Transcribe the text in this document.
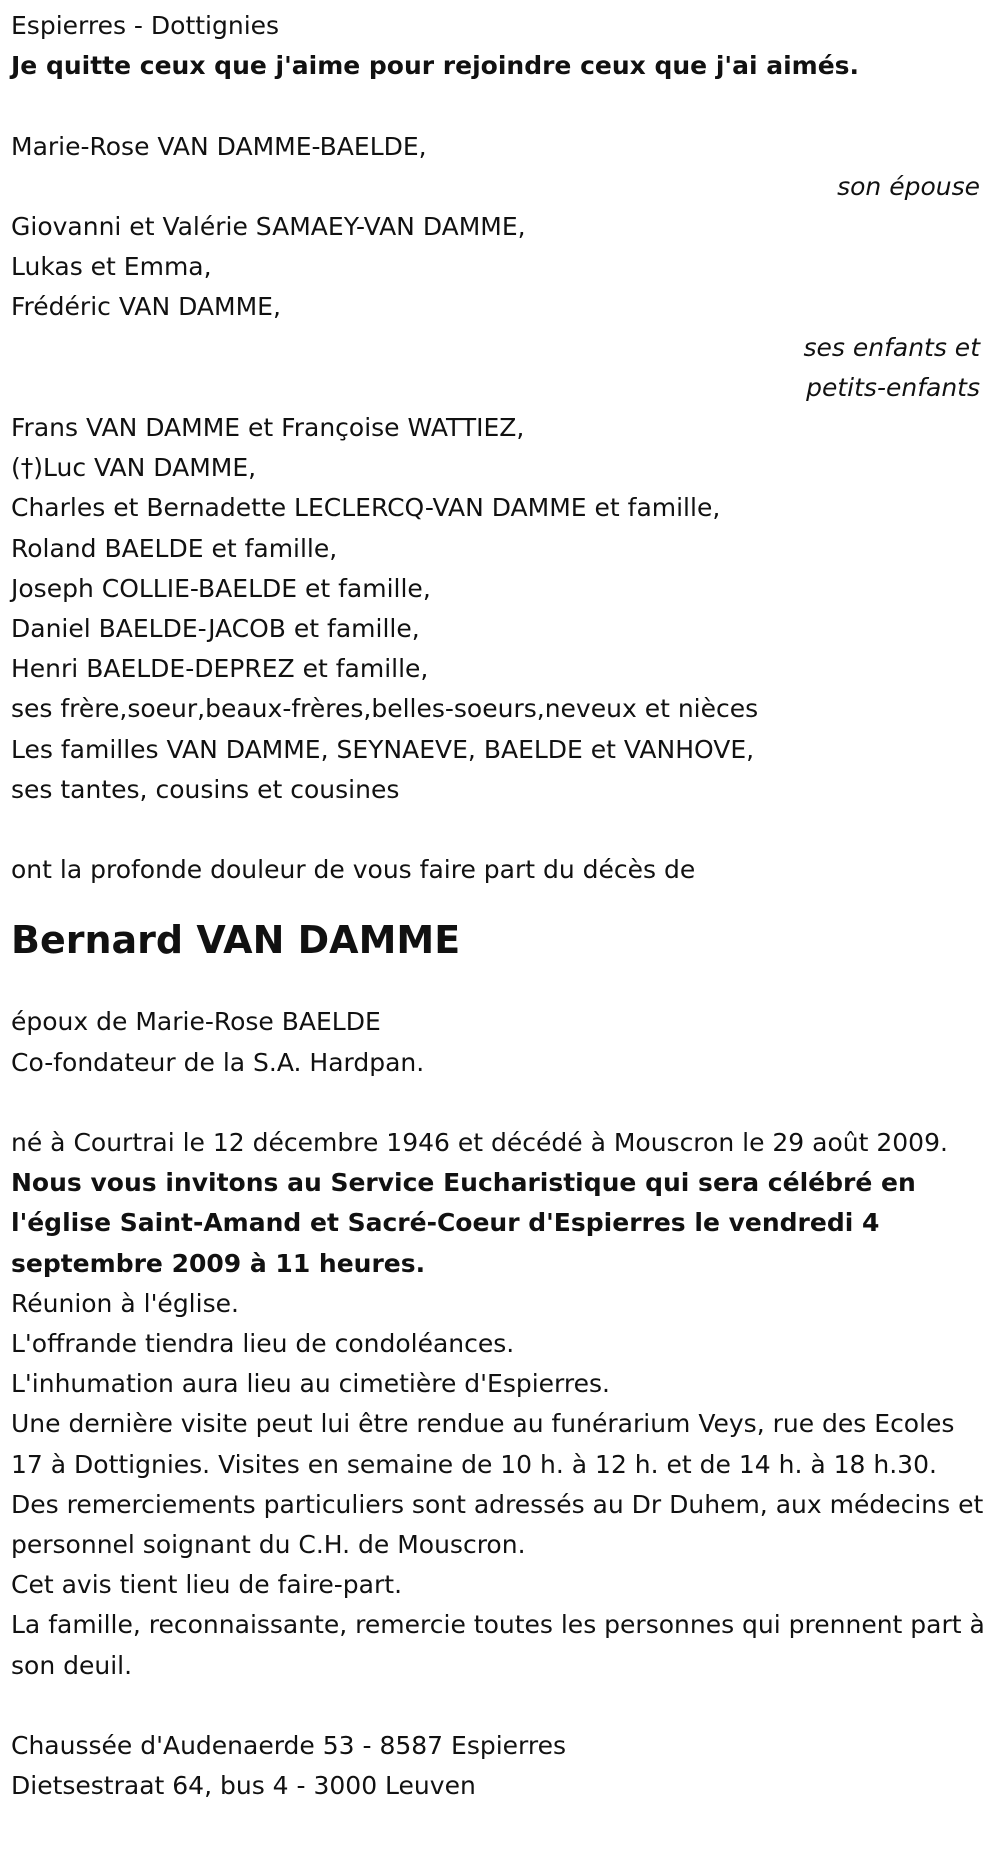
Espierres - Dottignies
Je quitte ceux que j'aime pour rejoindre ceux que j'ai aimés.
Marie-Rose VAN DAMME-BAELDE,
son épouse
Giovanni et Valérie SAMAEY-VAN DAMME,
Lukas et Emma,
Frédéric VAN DAMME,
ses enfants et
petits-enfants
Frans VAN DAMME et Françoise WATTIEZ,
(†)Luc VAN DAMME,
Charles et Bernadette LECLERCQ-VAN DAMME et famille,
Roland BAELDE et famille,
Joseph COLLIE-BAELDE et famille,
Daniel BAELDE-JACOB et famille,
Henri BAELDE-DEPREZ et famille,
ses frère,soeur,beaux-frères,belles-soeurs,neveux et nièces
Les familles VAN DAMME, SEYNAEVE, BAELDE et VANHOVE,
ses tantes, cousins et cousines
ont la profonde douleur de vous faire part du décès de
Bernard VAN DAMME
époux de Marie-Rose BAELDE
Co-fondateur de la S.A. Hardpan.
né à Courtrai le 12 décembre 1946 et décédé à Mouscron le 29 août 2009.
Nous vous invitons au Service Eucharistique qui sera célébré en l'église Saint-Amand et Sacré-Coeur d'Espierres le vendredi 4 septembre 2009 à 11 heures.
Réunion à l'église.
L'offrande tiendra lieu de condoléances.
L'inhumation aura lieu au cimetière d'Espierres.
Une dernière visite peut lui être rendue au funérarium Veys, rue des Ecoles 17 à Dottignies. Visites en semaine de 10 h. à 12 h. et de 14 h. à 18 h.30.
Des remerciements particuliers sont adressés au Dr Duhem, aux médecins et personnel soignant du C.H. de Mouscron.
Cet avis tient lieu de faire-part.
La famille, reconnaissante, remercie toutes les personnes qui prennent part à son deuil.
Chaussée d'Audenaerde 53 - 8587 Espierres
Dietsestraat 64, bus 4 - 3000 Leuven
